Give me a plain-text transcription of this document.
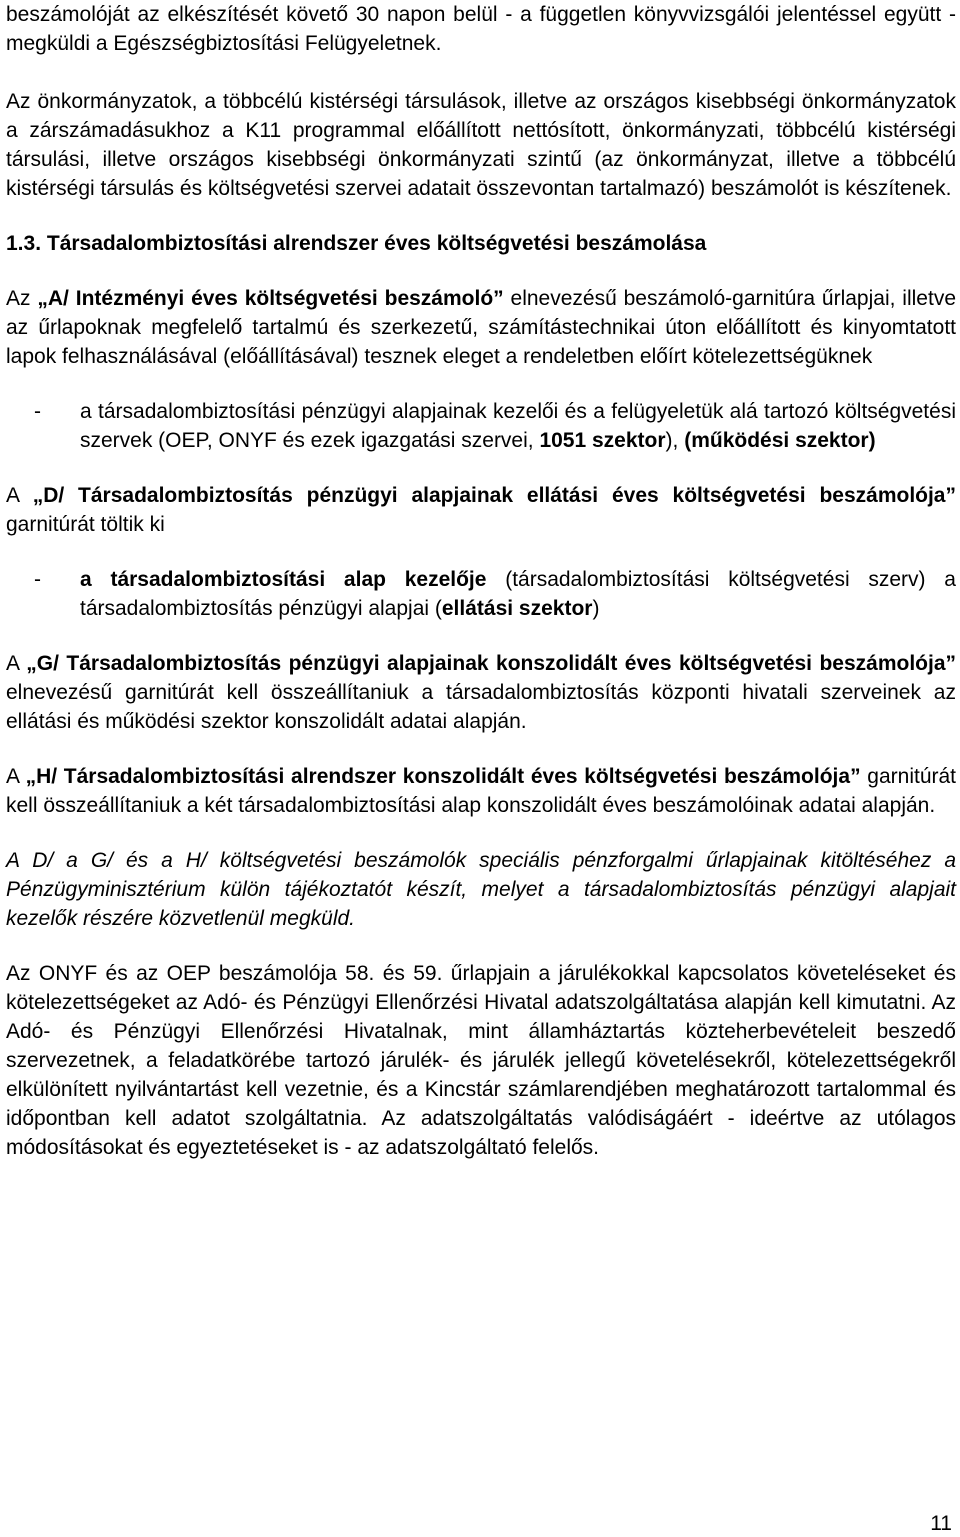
beszámolóját az elkészítését követő 30 napon belül - a független könyvvizsgálói jelentéssel együtt - megküldi a Egészségbiztosítási Felügyeletnek.

Az önkormányzatok, a többcélú kistérségi társulások, illetve az országos kisebbségi önkormányzatok a zárszámadásukhoz a K11 programmal előállított nettósított, önkormányzati, többcélú kistérségi társulási, illetve országos kisebbségi önkormányzati szintű (az önkormányzat, illetve a többcélú kistérségi társulás és költségvetési szervei adatait összevontan tartalmazó) beszámolót is készítenek.

1.3. Társadalombiztosítási alrendszer éves költségvetési beszámolása

Az „A/ Intézményi éves költségvetési beszámoló” elnevezésű beszámoló-garnitúra űrlapjai, illetve az űrlapoknak megfelelő tartalmú és szerkezetű, számítástechnikai úton előállított és kinyomtatott lapok felhasználásával (előállításával) tesznek eleget a rendeletben előírt kötelezettségüknek

-	a társadalombiztosítási pénzügyi alapjainak kezelői és a felügyeletük alá tartozó költségvetési szervek (OEP, ONYF és ezek igazgatási szervei, 1051 szektor), (működési szektor)

A „D/ Társadalombiztosítás pénzügyi alapjainak ellátási éves költségvetési beszámolója” garnitúrát töltik ki

-	a társadalombiztosítási alap kezelője (társadalombiztosítási költségvetési szerv) a társadalombiztosítás pénzügyi alapjai (ellátási szektor)

A „G/ Társadalombiztosítás pénzügyi alapjainak konszolidált éves költségvetési beszámolója” elnevezésű garnitúrát kell összeállítaniuk a társadalombiztosítás központi hivatali szerveinek az ellátási és működési szektor konszolidált adatai alapján.

A „H/ Társadalombiztosítási alrendszer konszolidált éves költségvetési beszámolója” garnitúrát kell összeállítaniuk a két társadalombiztosítási alap konszolidált éves beszámolóinak adatai alapján.

A D/ a G/ és a H/ költségvetési beszámolók speciális pénzforgalmi űrlapjainak kitöltéséhez a Pénzügyminisztérium külön tájékoztatót készít, melyet a társadalombiztosítás pénzügyi alapjait kezelők részére közvetlenül megküld.

Az ONYF és az OEP beszámolója 58. és 59. űrlapjain a járulékokkal kapcsolatos követeléseket és kötelezettségeket az Adó- és Pénzügyi Ellenőrzési Hivatal adatszolgáltatása alapján kell kimutatni. Az Adó- és Pénzügyi Ellenőrzési Hivatalnak, mint államháztartás közteherbevételeit beszedő szervezetnek, a feladatkörébe tartozó járulék- és járulék jellegű követelésekről, kötelezettségekről elkülönített nyilvántartást kell vezetnie, és a Kincstár számlarendjében meghatározott tartalommal és időpontban kell adatot szolgáltatnia. Az adatszolgáltatás valódiságáért - ideértve az utólagos módosításokat és egyeztetéseket is - az adatszolgáltató felelős.

11
